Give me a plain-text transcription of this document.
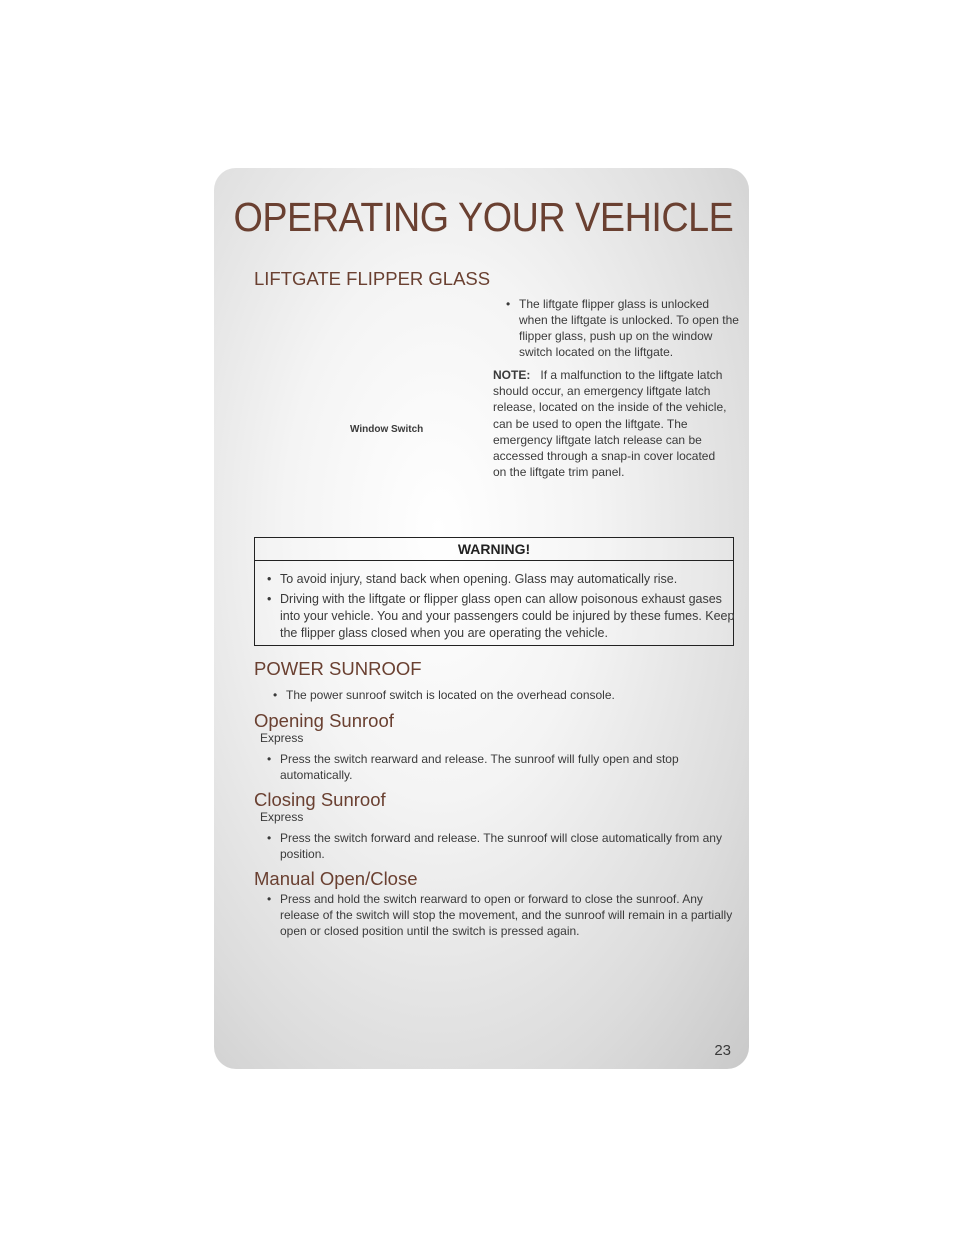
OPERATING YOUR VEHICLE
LIFTGATE FLIPPER GLASS
Window Switch
• The liftgate flipper glass is unlocked when the liftgate is unlocked. To open the flipper glass, push up on the window switch located on the liftgate.
NOTE: If a malfunction to the liftgate latch should occur, an emergency liftgate latch release, located on the inside of the vehicle, can be used to open the liftgate. The emergency liftgate latch release can be accessed through a snap-in cover located on the liftgate trim panel.
WARNING!
• To avoid injury, stand back when opening. Glass may automatically rise.
• Driving with the liftgate or flipper glass open can allow poisonous exhaust gases into your vehicle. You and your passengers could be injured by these fumes. Keep the flipper glass closed when you are operating the vehicle.
POWER SUNROOF
• The power sunroof switch is located on the overhead console.
Opening Sunroof
Express
• Press the switch rearward and release. The sunroof will fully open and stop automatically.
Closing Sunroof
Express
• Press the switch forward and release. The sunroof will close automatically from any position.
Manual Open/Close
• Press and hold the switch rearward to open or forward to close the sunroof. Any release of the switch will stop the movement, and the sunroof will remain in a partially open or closed position until the switch is pressed again.
23
